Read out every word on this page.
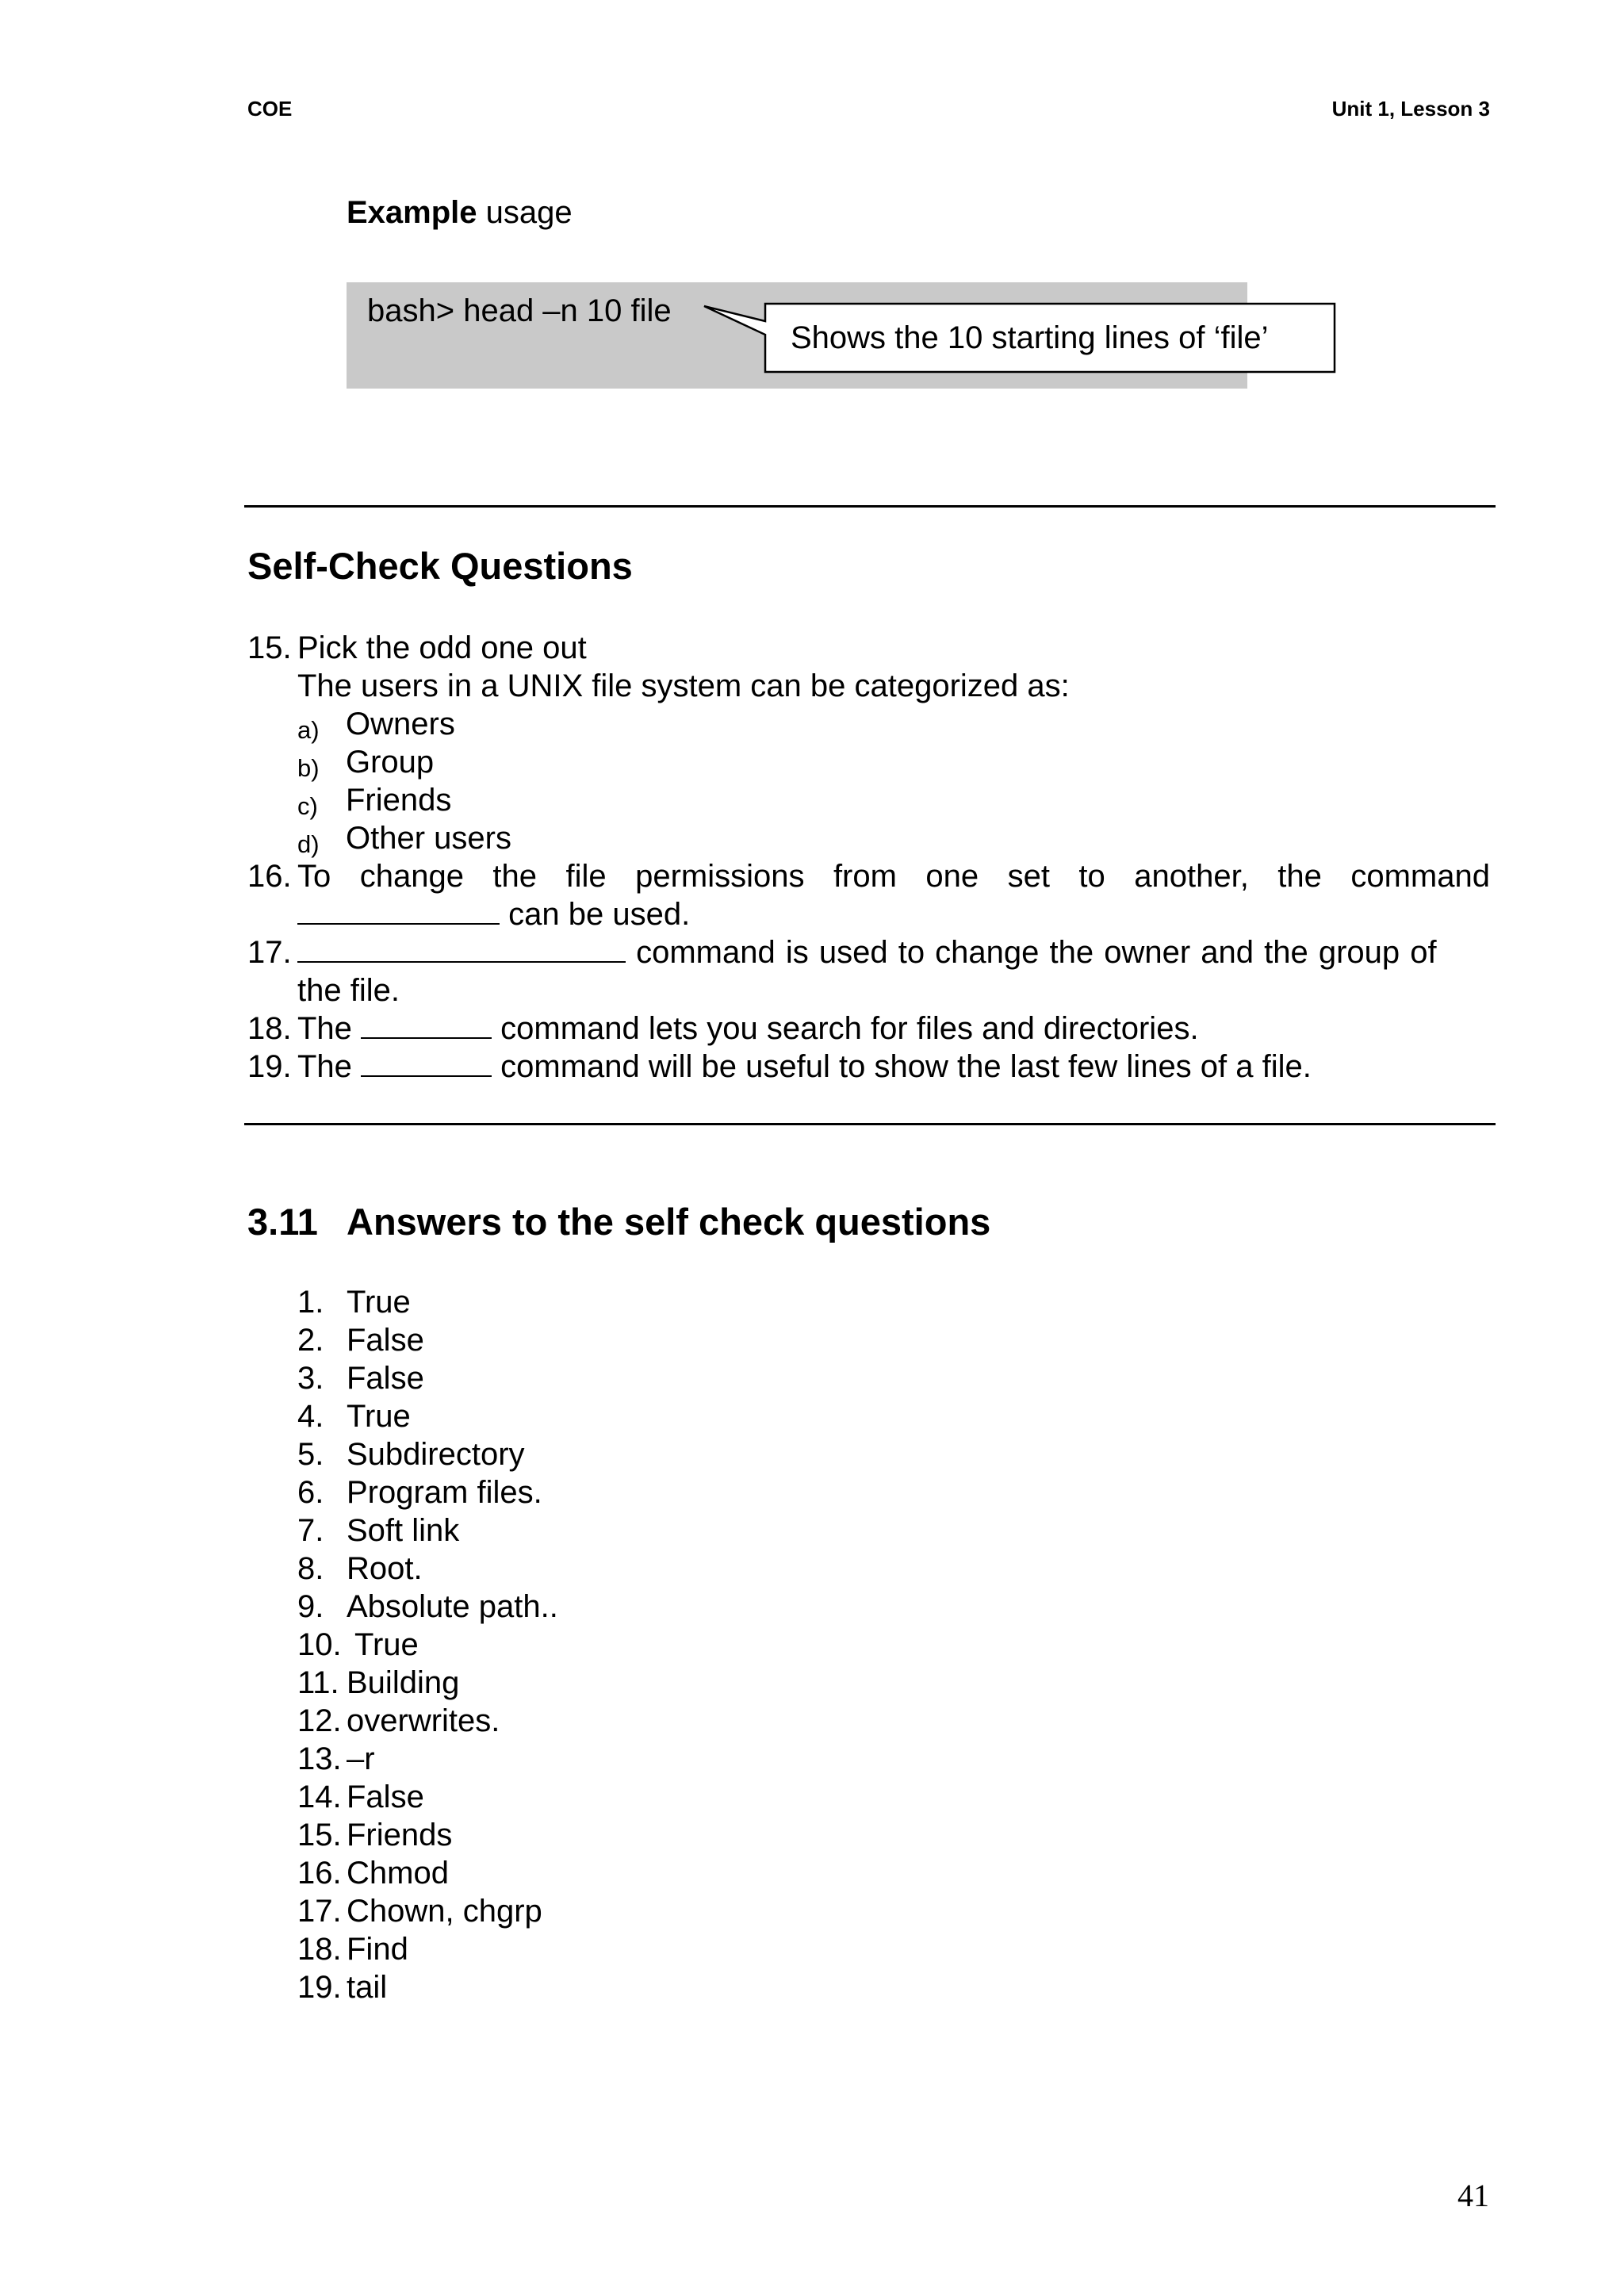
COE	Unit 1, Lesson 3
Example usage
bash> head –n 10 file
Shows the 10 starting lines of ‘file’
Self-Check Questions
15. Pick the odd one out
The users in a UNIX file system can be categorized as:
a) Owners
b) Group
c) Friends
d) Other users
16. To change the file permissions from one set to another, the command
can be used.
17.	command is used to change the owner and the group of
the file.
18. The	command lets you search for files and directories.
19. The	command will be useful to show the last few lines of a file.
3.11 Answers to the self check questions
1. True
2. False
3. False
4. True
5. Subdirectory
6. Program files.
7. Soft link
8. Root.
9. Absolute path..
10. True
11. Building
12. overwrites.
13. –r
14. False
15. Friends
16. Chmod
17. Chown, chgrp
18. Find
19. tail
41
